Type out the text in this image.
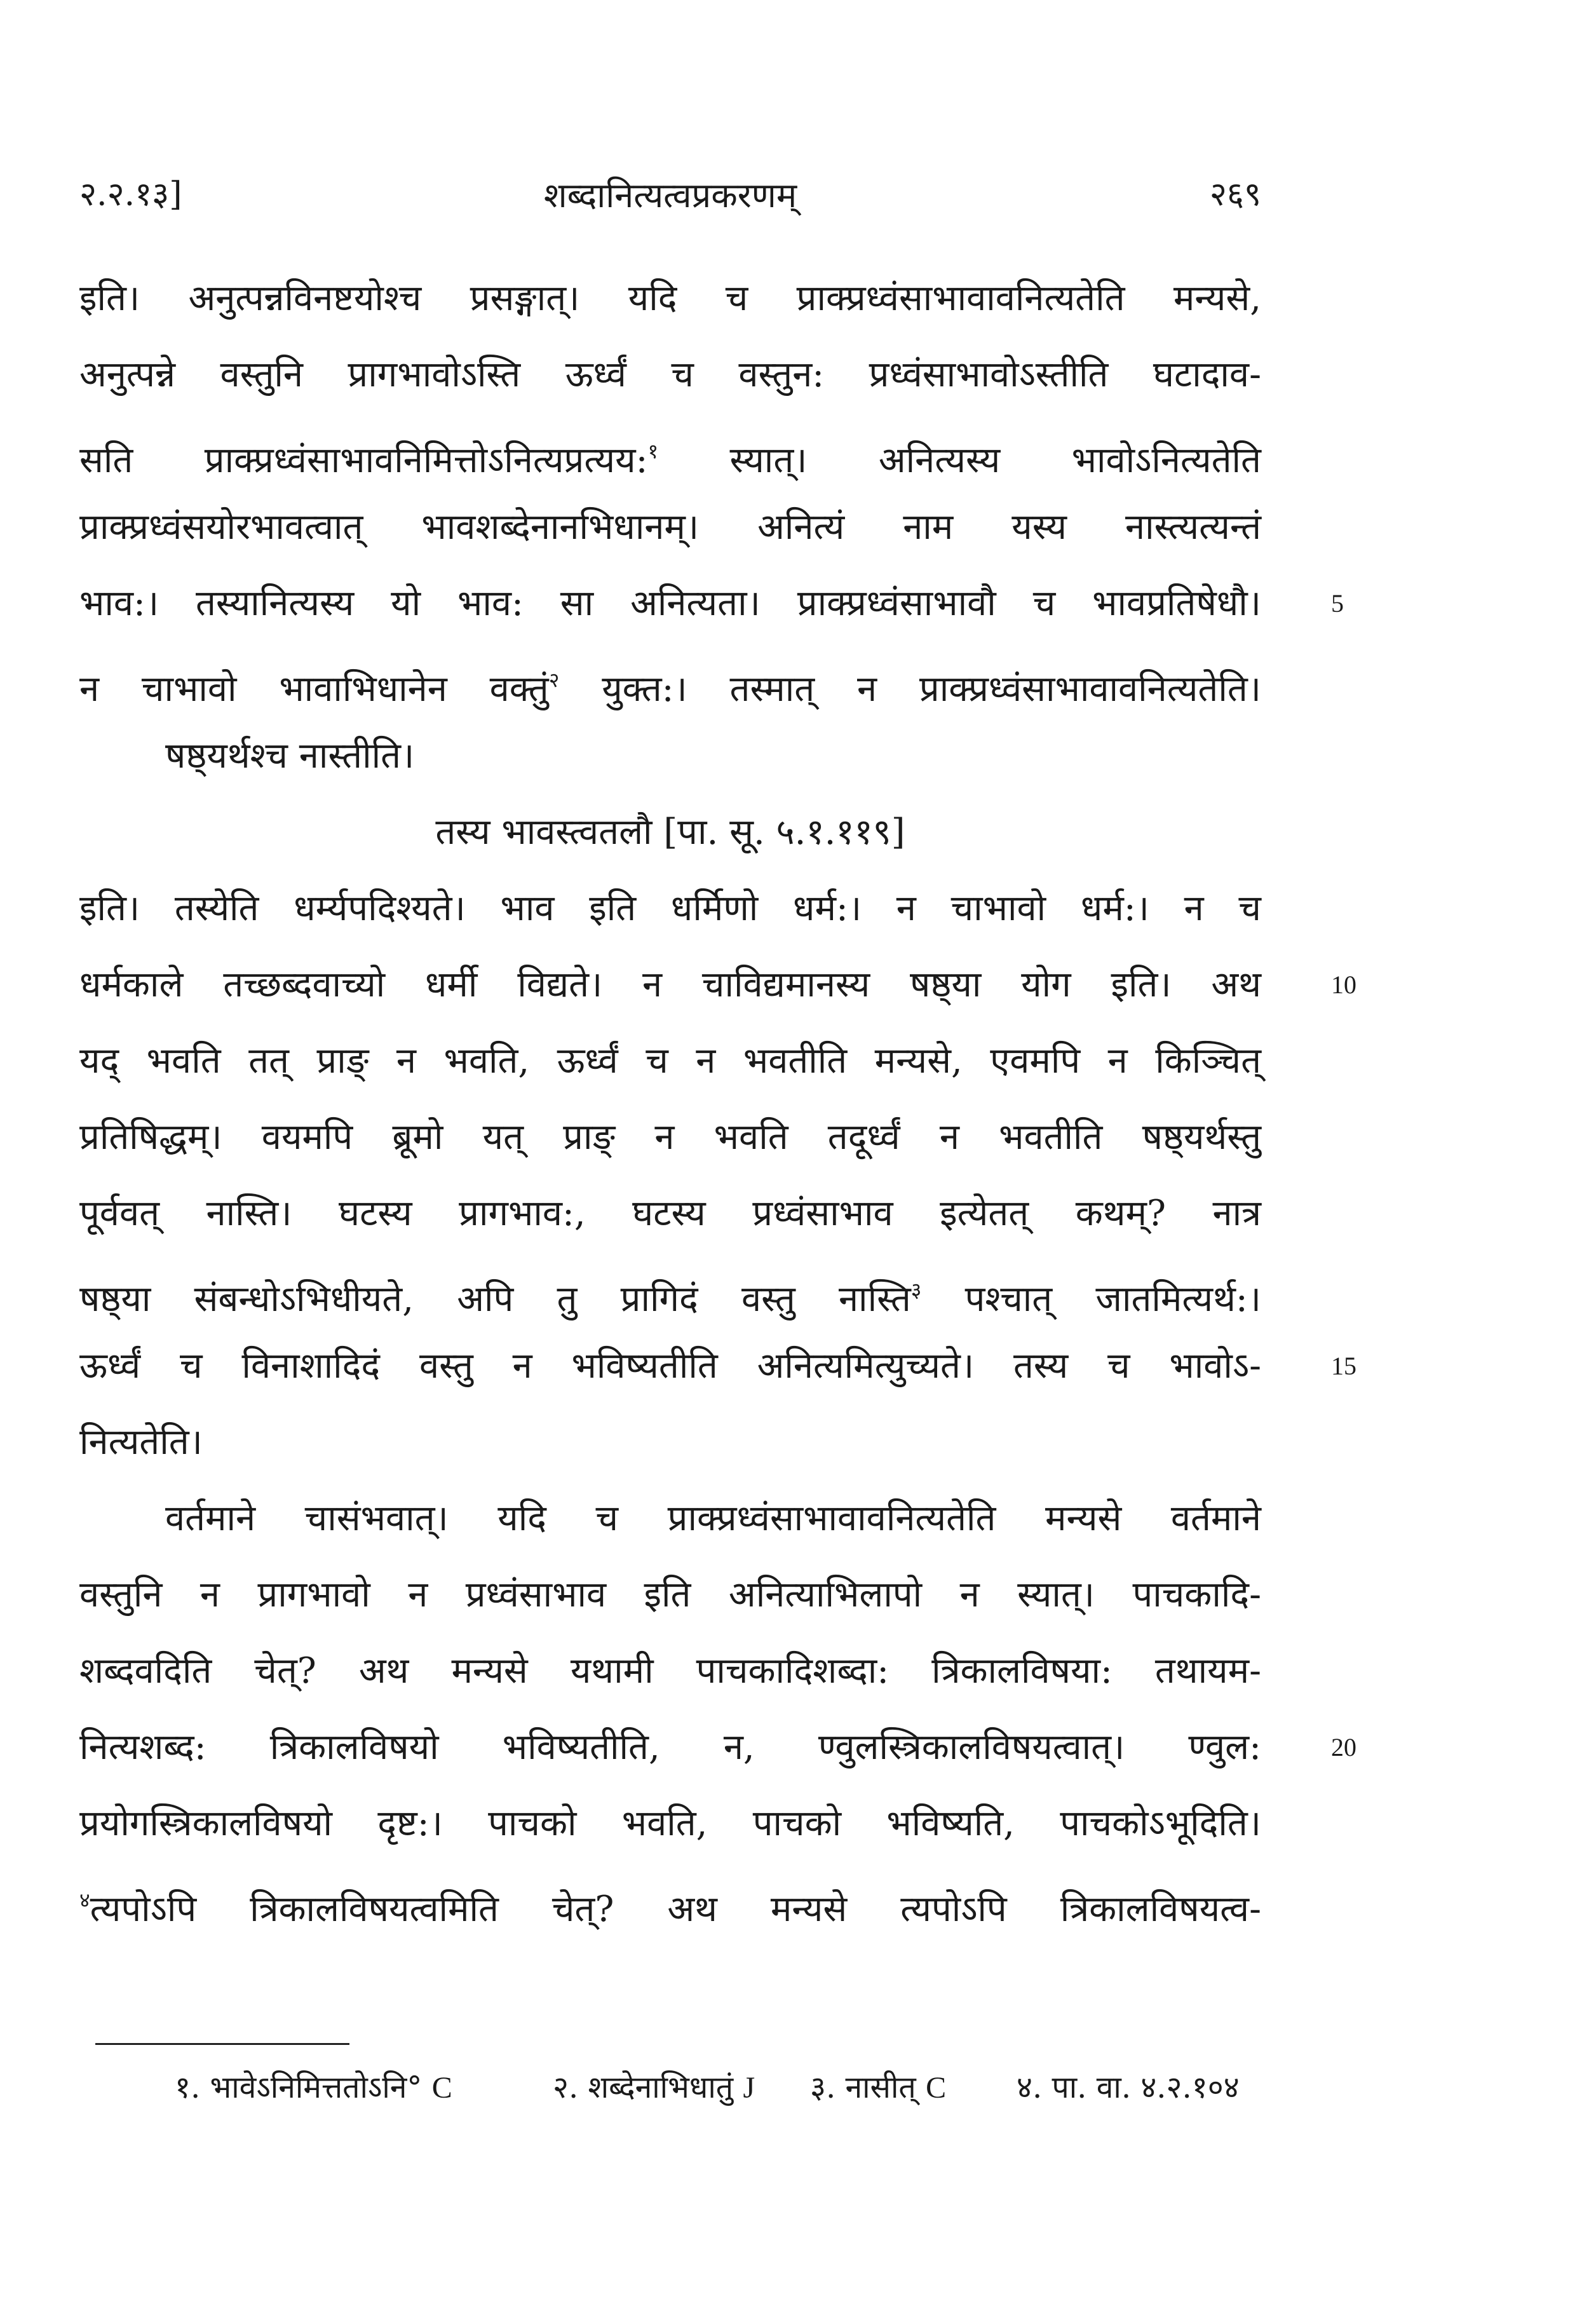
२.२.१३]	शब्दानित्यत्वप्रकरणम्	२६९
इति। अनुत्पन्नविनष्टयोश्च प्रसङ्गात्। यदि च प्राक्प्रध्वंसाभावावनित्यतेति मन्यसे,
अनुत्पन्ने वस्तुनि प्रागभावोऽस्ति ऊर्ध्वं च वस्तुन: प्रध्वंसाभावोऽस्तीति घटादाव-
सति प्राक्प्रध्वंसाभावनिमित्तोऽनित्यप्रत्यय:$^१$ स्यात्। अनित्यस्य भावोऽनित्यतेति
प्राक्प्रध्वंसयोरभावत्वात् भावशब्देनानभिधानम्। अनित्यं नाम यस्य नास्त्यत्यन्तं
भाव:। तस्यानित्यस्य यो भाव: सा अनित्यता। प्राक्प्रध्वंसाभावौ च भावप्रतिषेधौ।	5
न चाभावो भावाभिधानेन वक्तुं$^२$ युक्त:। तस्मात् न प्राक्प्रध्वंसाभावावनित्यतेति।
षष्ठ्यर्थश्च नास्तीति।
तस्य भावस्त्वतलौ [पा. सू. ५.१.११९]
इति। तस्येति धर्म्यपदिश्यते। भाव इति धर्मिणो धर्म:। न चाभावो धर्म:। न च
धर्मकाले तच्छब्दवाच्यो धर्मी विद्यते। न चाविद्यमानस्य षष्ठ्या योग इति। अथ	10
यद् भवति तत् प्राङ् न भवति, ऊर्ध्वं च न भवतीति मन्यसे, एवमपि न किञ्चित्
प्रतिषिद्धम्। वयमपि ब्रूमो यत् प्राङ् न भवति तदूर्ध्वं न भवतीति षष्ठ्यर्थस्तु
पूर्ववत् नास्ति। घटस्य प्रागभाव:, घटस्य प्रध्वंसाभाव इत्येतत् कथम्? नात्र
षष्ठ्या संबन्धोऽभिधीयते, अपि तु प्रागिदं वस्तु नास्ति$^३$ पश्चात् जातमित्यर्थ:।
ऊर्ध्वं च विनाशादिदं वस्तु न भविष्यतीति अनित्यमित्युच्यते। तस्य च भावोऽ-	15
नित्यतेति।
वर्तमाने चासंभवात्। यदि च प्राक्प्रध्वंसाभावावनित्यतेति मन्यसे वर्तमाने
वस्तुनि न प्रागभावो न प्रध्वंसाभाव इति अनित्याभिलापो न स्यात्। पाचकादि-
शब्दवदिति चेत्? अथ मन्यसे यथामी पाचकादिशब्दा: त्रिकालविषया: तथायम-
नित्यशब्द: त्रिकालविषयो भविष्यतीति, न, ण्वुलस्त्रिकालविषयत्वात्। ण्वुल:	20
प्रयोगस्त्रिकालविषयो दृष्ट:। पाचको भवति, पाचको भविष्यति, पाचकोऽभूदिति।
$^४$त्यपोऽपि त्रिकालविषयत्वमिति चेत्? अथ मन्यसे त्यपोऽपि त्रिकालविषयत्व-
१. भावेऽनिमित्ततोऽनि° C	२. शब्देनाभिधातुं J ३. नासीत् C ४. पा. वा. ४.२.१०४
